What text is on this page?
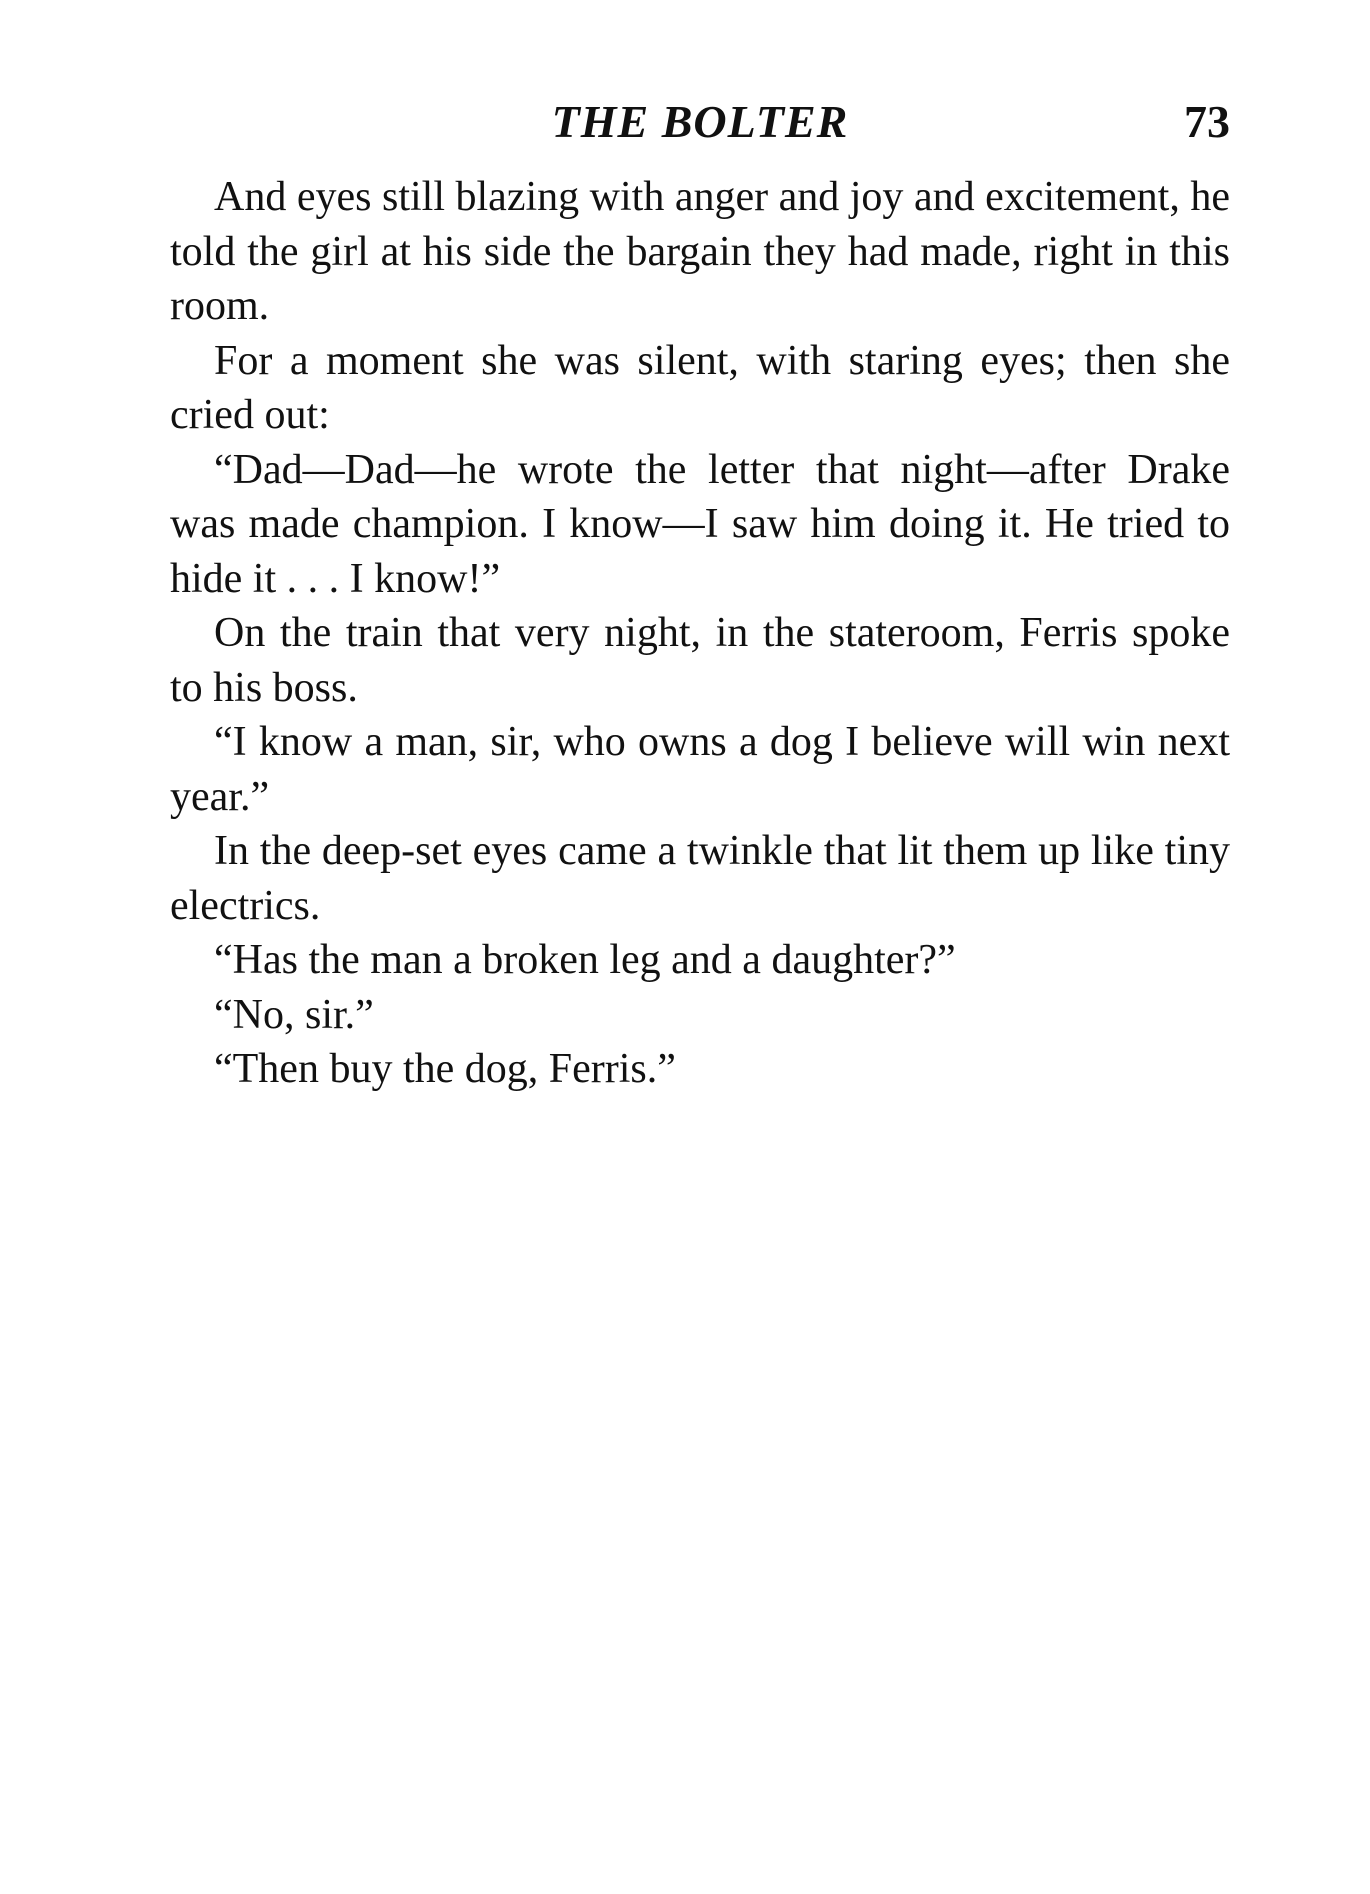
THE BOLTER	73

And eyes still blazing with anger and joy and excitement, he told the girl at his side the bargain they had made, right in this room.

For a moment she was silent, with staring eyes; then she cried out:

“Dad—Dad—he wrote the letter that night—after Drake was made champion. I know—I saw him doing it. He tried to hide it . . . I know!”

On the train that very night, in the stateroom, Ferris spoke to his boss.

“I know a man, sir, who owns a dog I believe will win next year.”

In the deep-set eyes came a twinkle that lit them up like tiny electrics.

“Has the man a broken leg and a daughter?”

“No, sir.”

“Then buy the dog, Ferris.”
